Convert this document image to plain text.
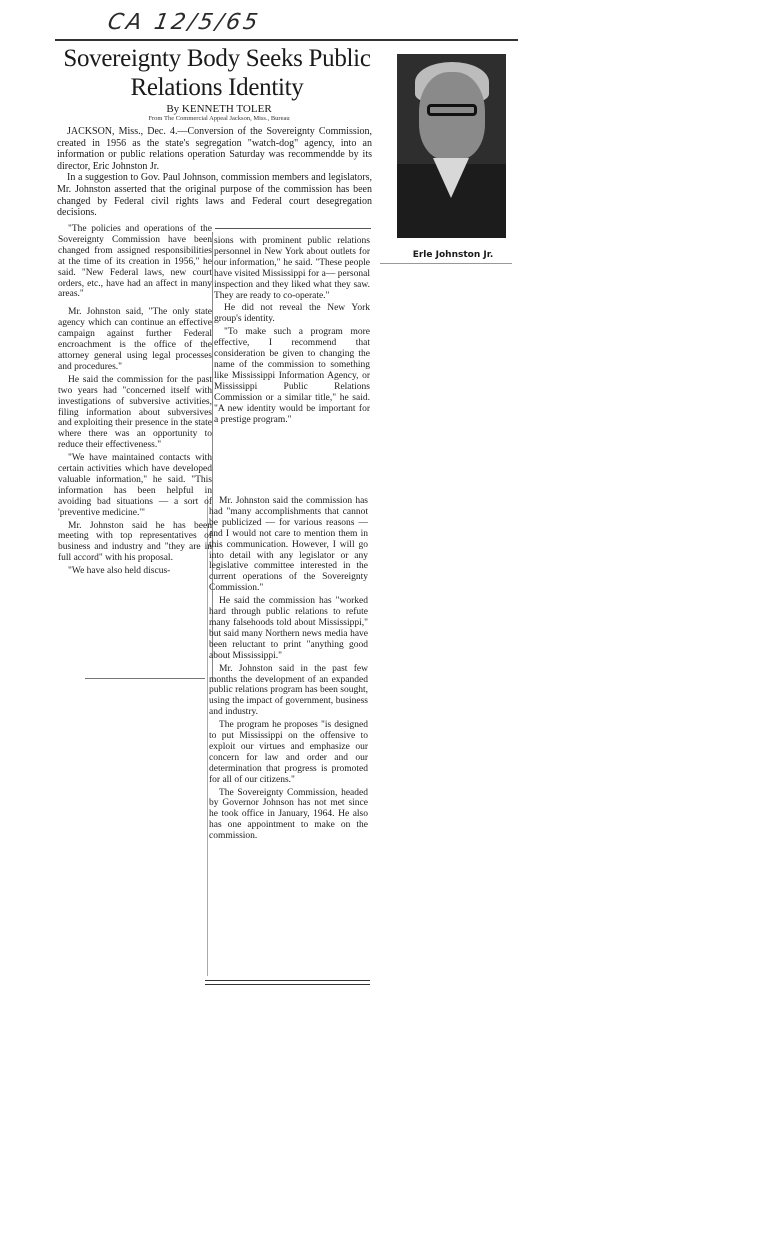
CA 12/5/65
Sovereignty Body Seeks Public Relations Identity
By KENNETH TOLER
From The Commercial Appeal Jackson, Miss., Bureau

JACKSON, Miss., Dec. 4.—Conversion of the Sovereignty Commission, created in 1956 as the state's segregation "watch-dog" agency, into an information or public relations operation Saturday was recommendde by its director, Eric Johnston Jr.

In a suggestion to Gov. Paul Johnson, commission members and legislators, Mr. Johnston asserted that the original purpose of the commission has been changed by Federal civil rights laws and Federal court desegregation decisions.

"The policies and operations of the Sovereignty Commission have been changed from assigned responsibilities at the time of its creation in 1956," he said. "New Federal laws, new court orders, etc., have had an affect in many areas."

Mr. Johnston said, "The only state agency which can continue an effective campaign against further Federal encroachment is the office of the attorney general using legal processes and procedures."

He said the commission for the past two years had "concerned itself with investigations of subversive activities, filing information about subversives and exploiting their presence in the state where there was an opportunity to reduce their effectiveness."

"We have maintained contacts with certain activities which have developed valuable information," he said. "This information has been helpful in avoiding bad situations — a sort of 'preventive medicine.'"

Mr. Johnston said he has been meeting with top representatives of business and industry and "they are in full accord" with his proposal.

"We have also held discus-

sions with prominent public relations personnel in New York about outlets for our information," he said. "These people have visited Mississippi for a— personal inspection and they liked what they saw. They are ready to co-operate."

He did not reveal the New York group's identity.

"To make such a program more effective, I recommend that consideration be given to changing the name of the commission to something like Mississippi Information Agency, or Mississippi Public Relations Commission or a similar title," he said. "A new identity would be important for a prestige program."

Mr. Johnston said the commission has had "many accomplishments that cannot be publicized — for various reasons — and I would not care to mention them in this communication. However, I will go into detail with any legislator or any legislative committee interested in the current operations of the Sovereignty Commission."

He said the commission has "worked hard through public relations to refute many falsehoods told about Mississippi," but said many Northern news media have been reluctant to print "anything good about Mississippi."

Mr. Johnston said in the past few months the development of an expanded public relations program has been sought, using the impact of government, business and industry.

The program he proposes "is designed to put Mississippi on the offensive to exploit our virtues and emphasize our concern for law and order and our determination that progress is promoted for all of our citizens."

The Sovereignty Commission, headed by Governor Johnson has not met since he took office in January, 1964. He also has one appointment to make on the commission.

Erle Johnston Jr.
